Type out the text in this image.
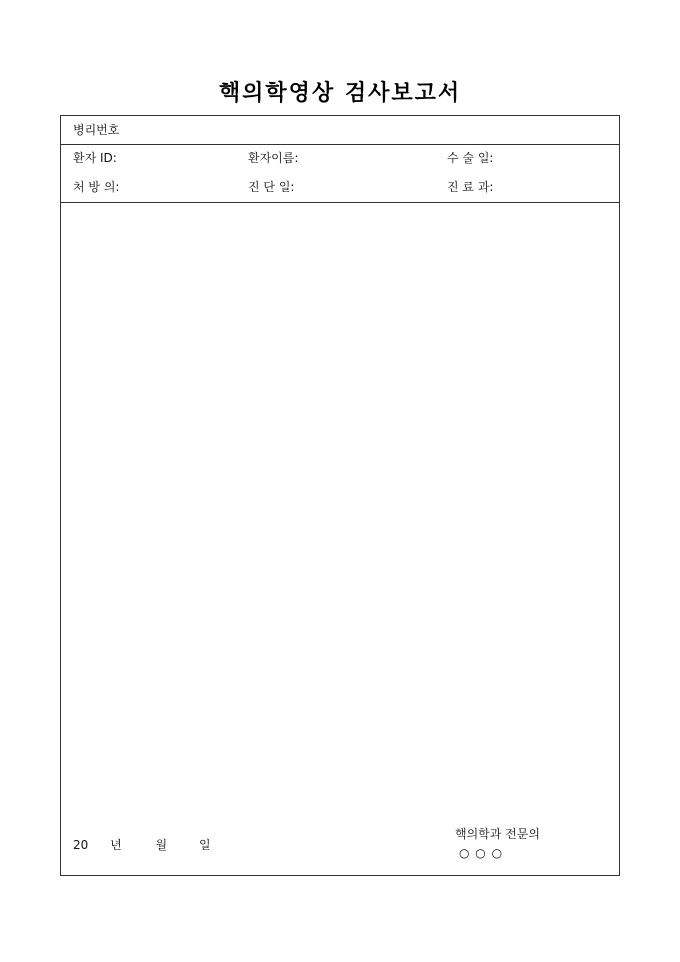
핵의학영상 검사보고서
병리번호
환자 ID:	환자이름:	수 술 일:
처 방 의:	진 단 일:	진 료 과:
20 년	월	일
핵의학과 전문의
○ ○ ○
